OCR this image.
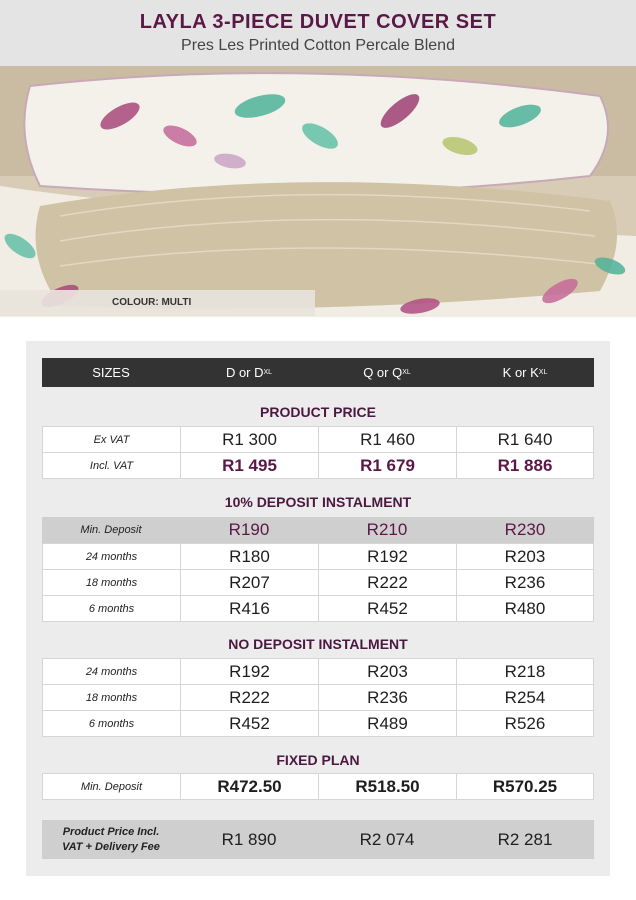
LAYLA 3-PIECE DUVET COVER SET
Pres Les Printed Cotton Percale Blend
COLOUR: MULTI
SIZES	D or D XL	Q or Q XL	K or K XL
PRODUCT PRICE
Ex VAT	R1 300	R1 460	R1 640
Incl. VAT	R1 495	R1 679	R1 886
10% DEPOSIT INSTALMENT
Min. Deposit	R190	R210	R230
24 months	R180	R192	R203
18 months	R207	R222	R236
6 months	R416	R452	R480
NO DEPOSIT INSTALMENT
24 months	R192	R203	R218
18 months	R222	R236	R254
6 months	R452	R489	R526
FIXED PLAN
Min. Deposit	R472.50	R518.50	R570.25
Product Price Incl.
VAT + Delivery Fee	R1 890	R2 074	R2 281
